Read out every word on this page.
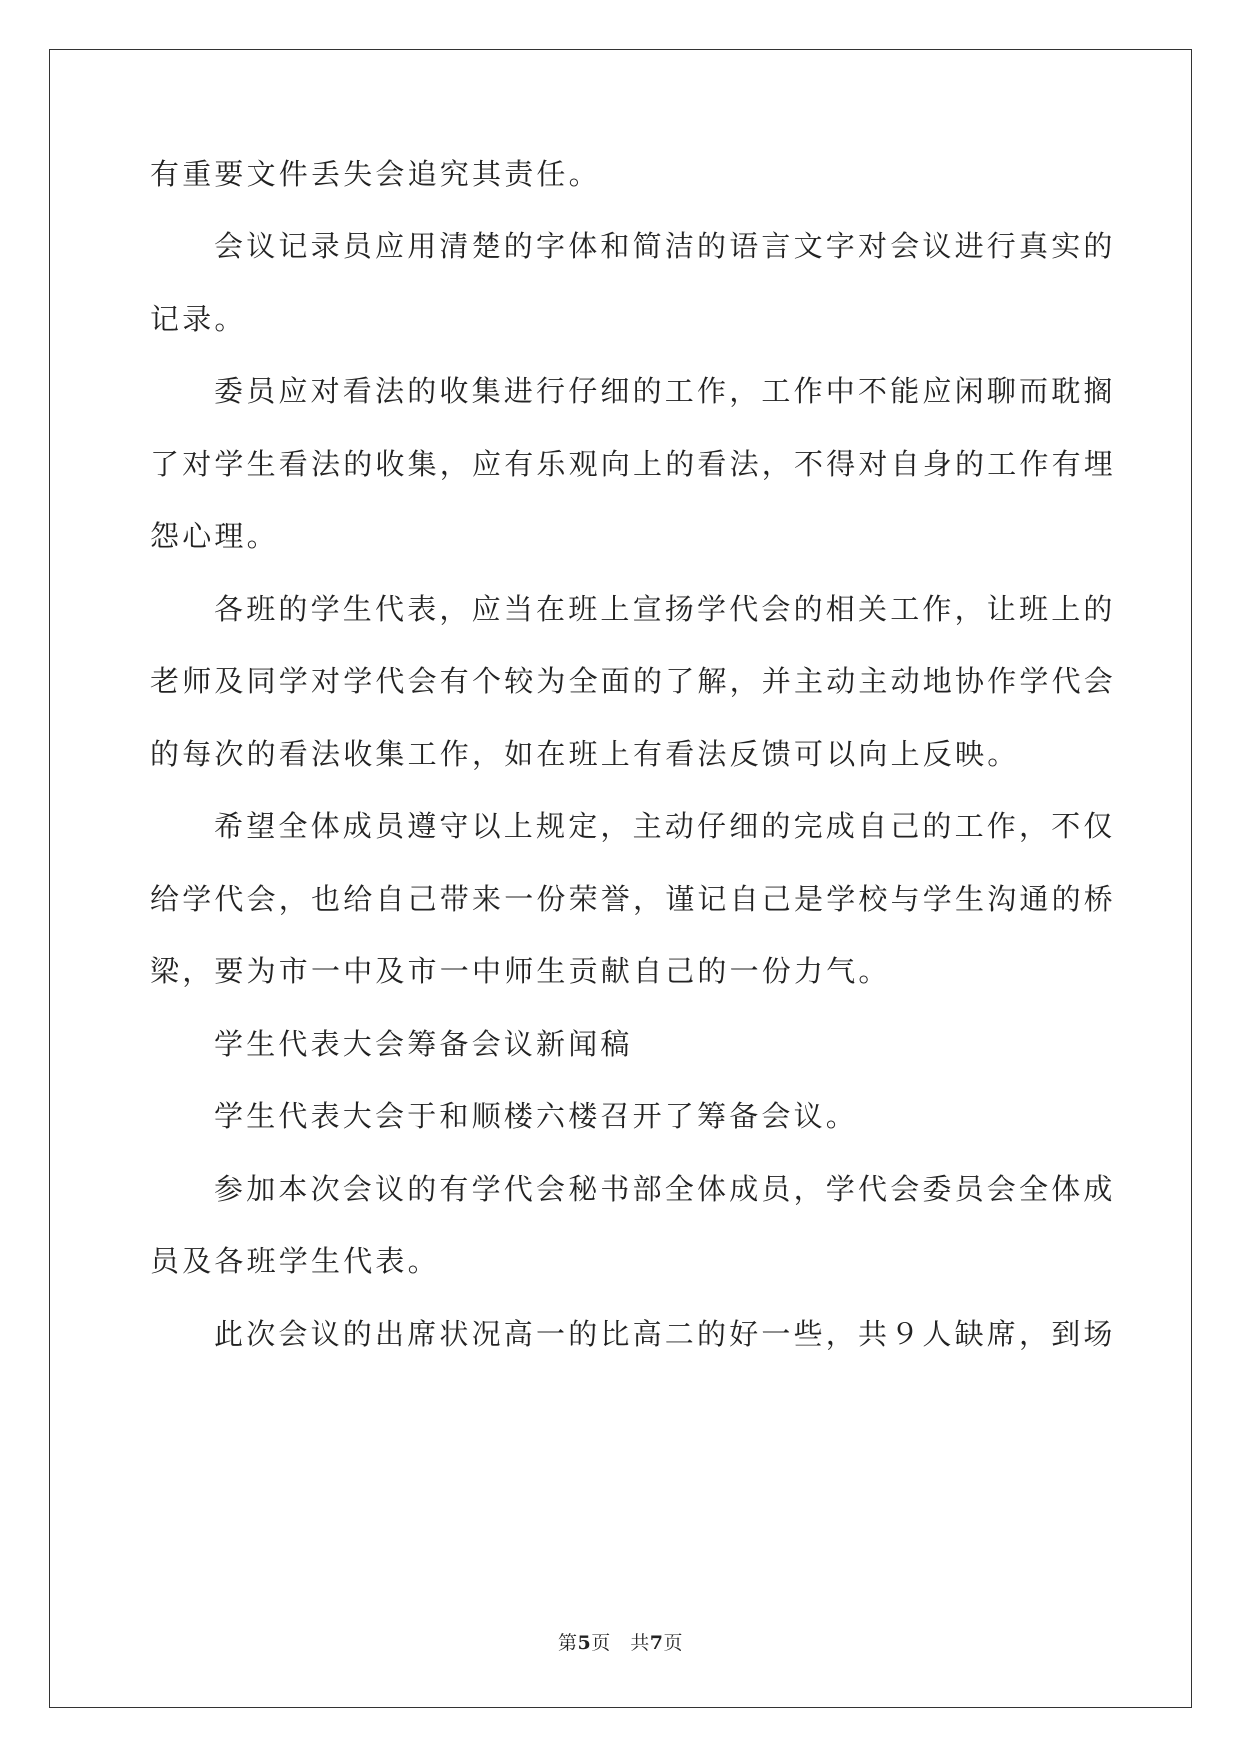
有重要文件丢失会追究其责任。
会议记录员应用清楚的字体和简洁的语言文字对会议进行真实的
记录。
委员应对看法的收集进行仔细的工作，工作中不能应闲聊而耽搁
了对学生看法的收集，应有乐观向上的看法，不得对自身的工作有埋
怨心理。
各班的学生代表，应当在班上宣扬学代会的相关工作，让班上的
老师及同学对学代会有个较为全面的了解，并主动主动地协作学代会
的每次的看法收集工作，如在班上有看法反馈可以向上反映。
希望全体成员遵守以上规定，主动仔细的完成自己的工作，不仅
给学代会，也给自己带来一份荣誉，谨记自己是学校与学生沟通的桥
梁，要为市一中及市一中师生贡献自己的一份力气。
学生代表大会筹备会议新闻稿
学生代表大会于和顺楼六楼召开了筹备会议。
参加本次会议的有学代会秘书部全体成员，学代会委员会全体成
员及各班学生代表。
此次会议的出席状况高一的比高二的好一些，共９人缺席，到场
第5页　共7页
